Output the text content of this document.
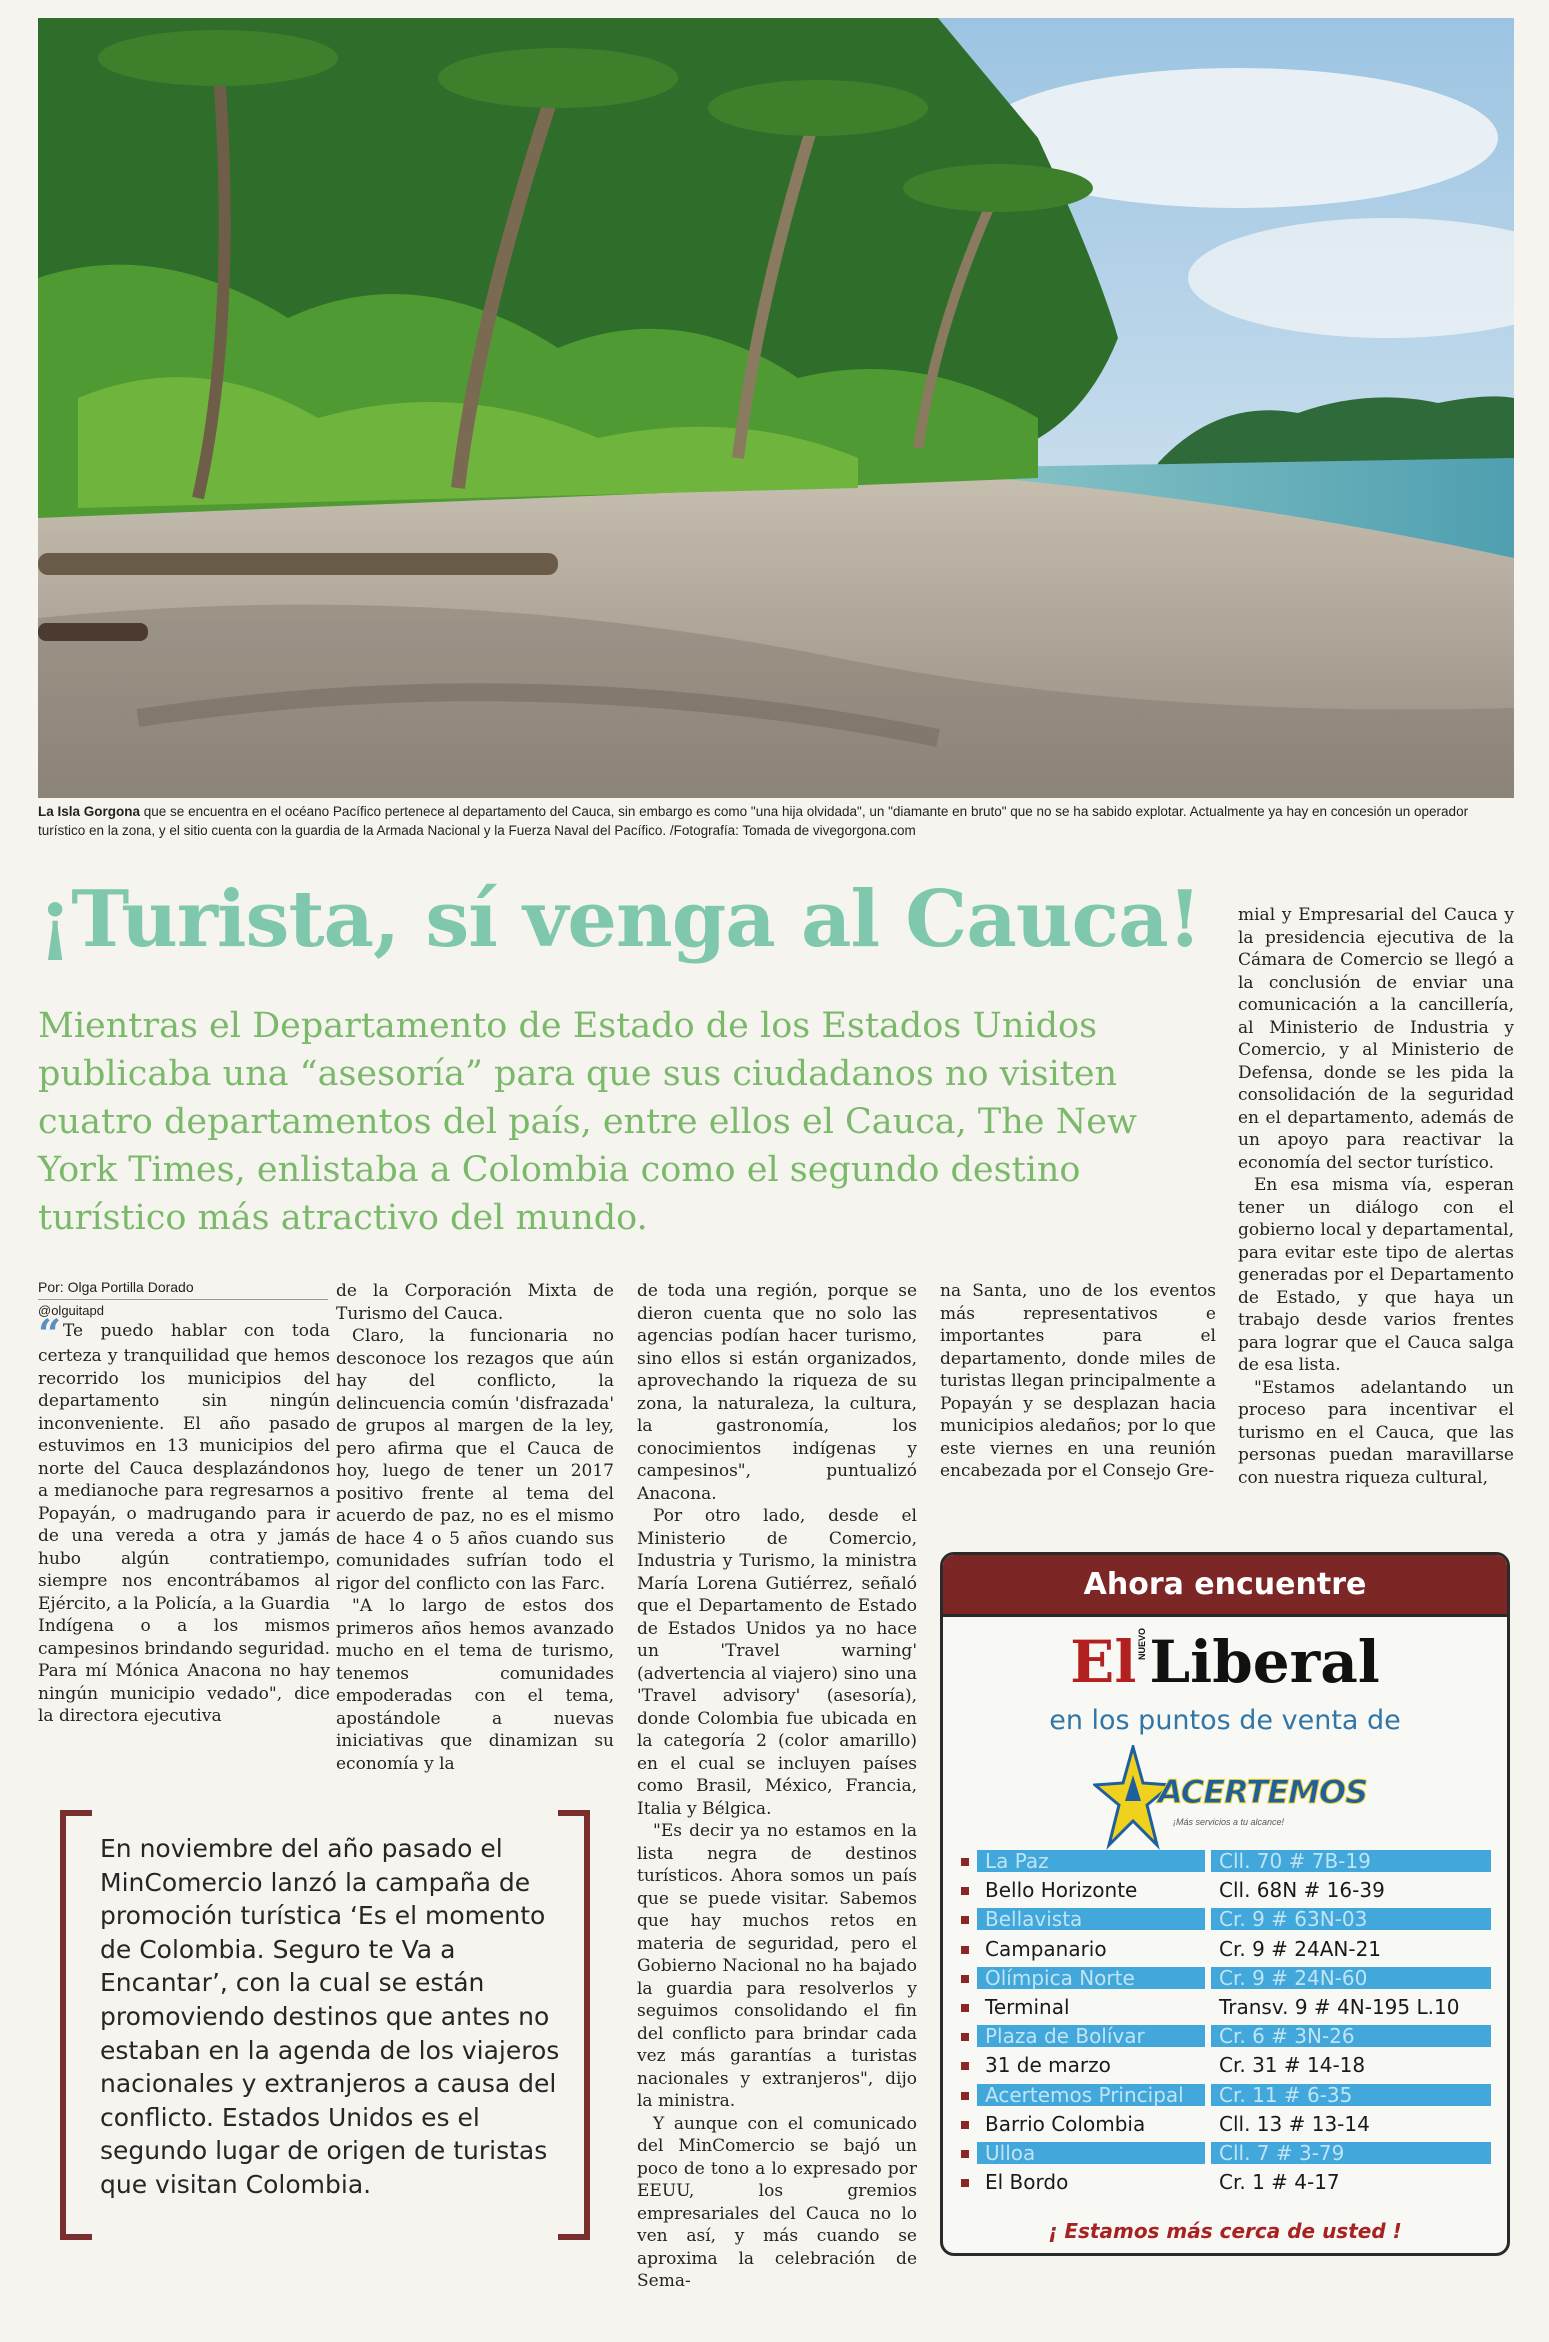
La Isla Gorgona que se encuentra en el océano Pacífico pertenece al departamento del Cauca, sin embargo es como "una hija olvidada", un "diamante en bruto" que no se ha sabido explotar. Actualmente ya hay en concesión un operador turístico en la zona, y el sitio cuenta con la guardia de la Armada Nacional y la Fuerza Naval del Pacífico. /Fotografía: Tomada de vivegorgona.com
¡Turista, sí venga al Cauca!
Mientras el Departamento de Estado de los Estados Unidos publicaba una “asesoría” para que sus ciudadanos no visiten cuatro departamentos del país, entre ellos el Cauca, The New York Times, enlistaba a Colombia como el segundo destino turístico más atractivo del mundo.
Por: Olga Portilla Dorado
@olguitapd

“ Te puedo hablar con toda certeza y tranquilidad que hemos recorrido los municipios del departamento sin ningún inconveniente. El año pasado estuvimos en 13 municipios del norte del Cauca desplazándonos a medianoche para regresarnos a Popayán, o madrugando para ir de una vereda a otra y jamás hubo algún contratiempo, siempre nos encontrábamos al Ejército, a la Policía, a la Guardia Indígena o a los mismos campesinos brindando seguridad. Para mí Mónica Anacona no hay ningún municipio vedado", dice la directora ejecutiva

de la Corporación Mixta de Turismo del Cauca.

Claro, la funcionaria no desconoce los rezagos que aún hay del conflicto, la delincuencia común 'disfrazada' de grupos al margen de la ley, pero afirma que el Cauca de hoy, luego de tener un 2017 positivo frente al tema del acuerdo de paz, no es el mismo de hace 4 o 5 años cuando sus comunidades sufrían todo el rigor del conflicto con las Farc.

"A lo largo de estos dos primeros años hemos avanzado mucho en el tema de turismo, tenemos comunidades empoderadas con el tema, apostándole a nuevas iniciativas que dinamizan su economía y la

de toda una región, porque se dieron cuenta que no solo las agencias podían hacer turismo, sino ellos si están organizados, aprovechando la riqueza de su zona, la naturaleza, la cultura, la gastronomía, los conocimientos indígenas y campesinos", puntualizó Anacona.

Por otro lado, desde el Ministerio de Comercio, Industria y Turismo, la ministra María Lorena Gutiérrez, señaló que el Departamento de Estado de Estados Unidos ya no hace un 'Travel warning' (advertencia al viajero) sino una 'Travel advisory' (asesoría), donde Colombia fue ubicada en la categoría 2 (color amarillo) en el cual se incluyen países como Brasil, México, Francia, Italia y Bélgica.

"Es decir ya no estamos en la lista negra de destinos turísticos. Ahora somos un país que se puede visitar. Sabemos que hay muchos retos en materia de seguridad, pero el Gobierno Nacional no ha bajado la guardia para resolverlos y seguimos consolidando el fin del conflicto para brindar cada vez más garantías a turistas nacionales y extranjeros", dijo la ministra.

Y aunque con el comunicado del MinComercio se bajó un poco de tono a lo expresado por EEUU, los gremios empresariales del Cauca no lo ven así, y más cuando se aproxima la celebración de Sema-

na Santa, uno de los eventos más representativos e importantes para el departamento, donde miles de turistas llegan principalmente a Popayán y se desplazan hacia municipios aledaños; por lo que este viernes en una reunión encabezada por el Consejo Gre-

mial y Empresarial del Cauca y la presidencia ejecutiva de la Cámara de Comercio se llegó a la conclusión de enviar una comunicación a la cancillería, al Ministerio de Industria y Comercio, y al Ministerio de Defensa, donde se les pida la consolidación de la seguridad en el departamento, además de un apoyo para reactivar la economía del sector turístico.

En esa misma vía, esperan tener un diálogo con el gobierno local y departamental, para evitar este tipo de alertas generadas por el Departamento de Estado, y que haya un trabajo desde varios frentes para lograr que el Cauca salga de esa lista.

"Estamos adelantando un proceso para incentivar el turismo en el Cauca, que las personas puedan maravillarse con nuestra riqueza cultural,

En noviembre del año pasado el MinComercio lanzó la campaña de promoción turística ‘Es el momento de Colombia. Seguro te Va a Encantar’, con la cual se están promoviendo destinos que antes no estaban en la agenda de los viajeros nacionales y extranjeros a causa del conflicto. Estados Unidos es el segundo lugar de origen de turistas que visitan Colombia.
Ahora encuentre
ElNUEVOLiberal
en los puntos de venta de
ACERTEMOS
¡Más servicios a tu alcance!
La Paz	Cll. 70 # 7B-19
Bello Horizonte	Cll. 68N # 16-39
Bellavista	Cr. 9 # 63N-03
Campanario	Cr. 9 # 24AN-21
Olímpica Norte	Cr. 9 # 24N-60
Terminal	Transv. 9 # 4N-195 L.10
Plaza de Bolívar	Cr. 6 # 3N-26
31 de marzo	Cr. 31 # 14-18
Acertemos Principal	Cr. 11 # 6-35
Barrio Colombia	Cll. 13 # 13-14
Ulloa	Cll. 7 # 3-79
El Bordo	Cr. 1 # 4-17
¡ Estamos más cerca de usted !
